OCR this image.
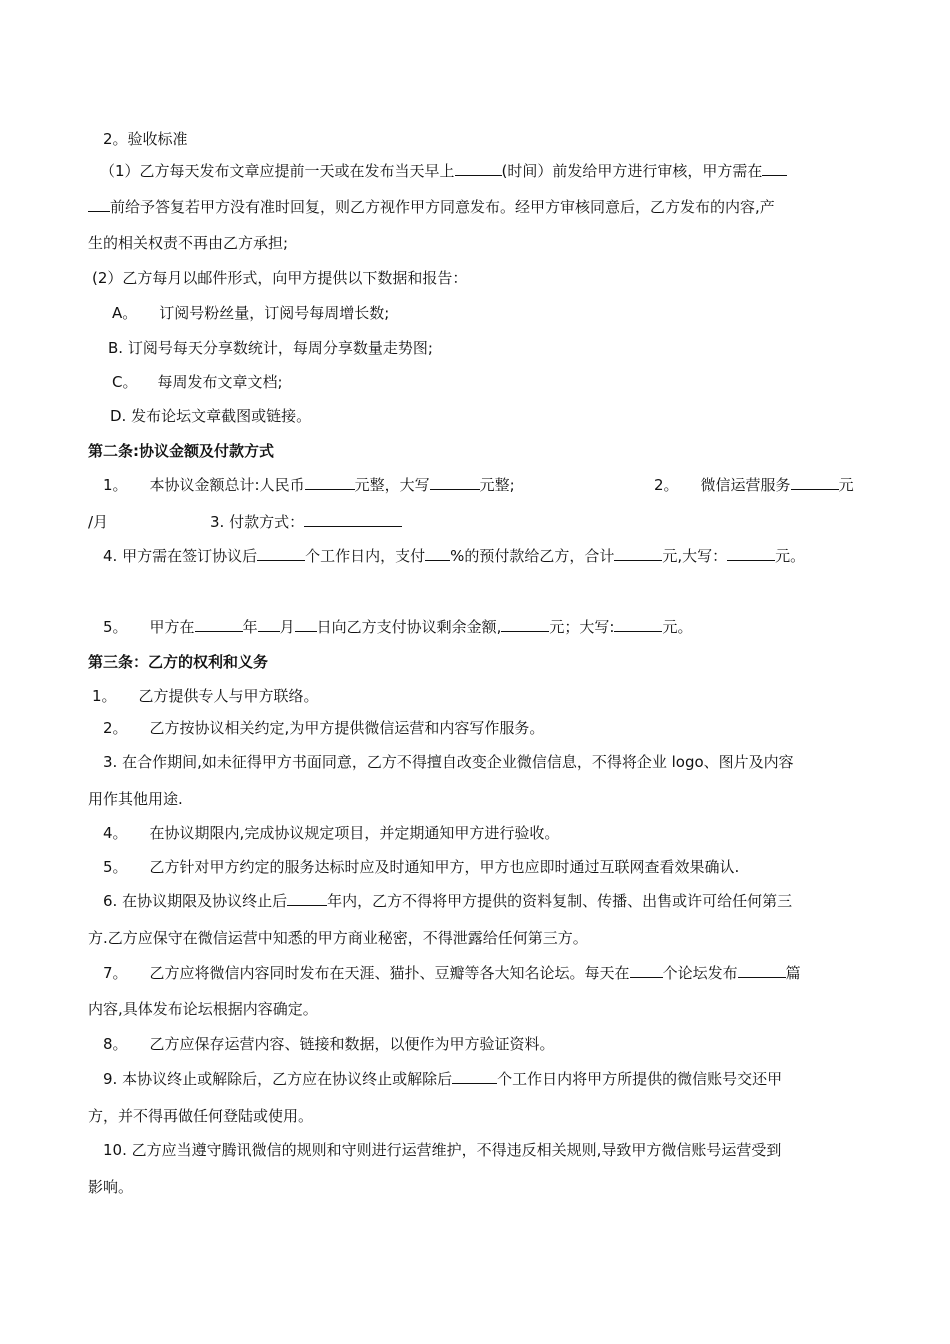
2。验收标准
（1）乙方每天发布文章应提前一天或在发布当天早上	(时间）前发给甲方进行审核，甲方需在
前给予答复若甲方没有准时回复，则乙方视作甲方同意发布。经甲方审核同意后，乙方发布的内容,产
生的相关权责不再由乙方承担;
(2）乙方每月以邮件形式，向甲方提供以下数据和报告：
A。 订阅号粉丝量，订阅号每周增长数;
B. 订阅号每天分享数统计，每周分享数量走势图;
C。 每周发布文章文档;
D. 发布论坛文章截图或链接。
第二条:协议金额及付款方式
1。 本协议金额总计:人民币	元整，大写	元整;	2。 微信运营服务	元
/月	3. 付款方式：
4. 甲方需在签订协议后	个工作日内，支付 %的预付款给乙方，合计	元,大写：	元。
5。 甲方在	年 月 日向乙方支付协议剩余金额,	元；大写:	元。
第三条：乙方的权利和义务
1。 乙方提供专人与甲方联络。
2。 乙方按协议相关约定,为甲方提供微信运营和内容写作服务。
3. 在合作期间,如未征得甲方书面同意，乙方不得擅自改变企业微信信息，不得将企业 logo、图片及内容
用作其他用途.
4。 在协议期限内,完成协议规定项目，并定期通知甲方进行验收。
5。 乙方针对甲方约定的服务达标时应及时通知甲方，甲方也应即时通过互联网查看效果确认.
6. 在协议期限及协议终止后	年内，乙方不得将甲方提供的资料复制、传播、出售或许可给任何第三
方.乙方应保守在微信运营中知悉的甲方商业秘密，不得泄露给任何第三方。
7。 乙方应将微信内容同时发布在天涯、猫扑、豆瓣等各大知名论坛。每天在 个论坛发布	篇
内容,具体发布论坛根据内容确定。
8。 乙方应保存运营内容、链接和数据，以便作为甲方验证资料。
9. 本协议终止或解除后，乙方应在协议终止或解除后	个工作日内将甲方所提供的微信账号交还甲
方，并不得再做任何登陆或使用。
10. 乙方应当遵守腾讯微信的规则和守则进行运营维护，不得违反相关规则,导致甲方微信账号运营受到
影响。
